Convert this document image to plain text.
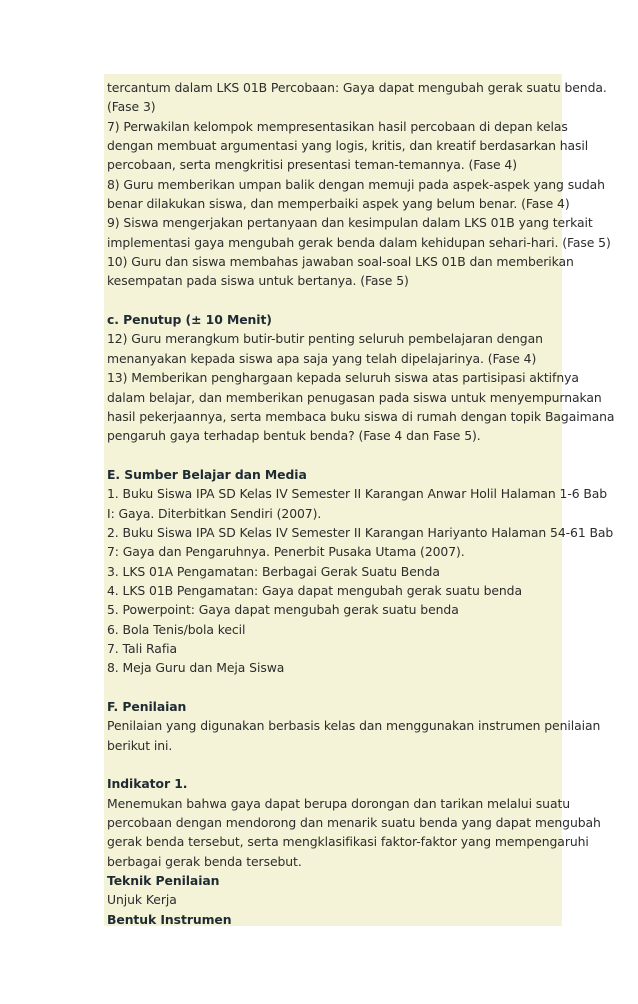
tercantum dalam LKS 01B Percobaan: Gaya dapat mengubah gerak suatu benda.
(Fase 3)
7) Perwakilan kelompok mempresentasikan hasil percobaan di depan kelas
dengan membuat argumentasi yang logis, kritis, dan kreatif berdasarkan hasil
percobaan, serta mengkritisi presentasi teman-temannya. (Fase 4)
8) Guru memberikan umpan balik dengan memuji pada aspek-aspek yang sudah
benar dilakukan siswa, dan memperbaiki aspek yang belum benar. (Fase 4)
9) Siswa mengerjakan pertanyaan dan kesimpulan dalam LKS 01B yang terkait
implementasi gaya mengubah gerak benda dalam kehidupan sehari-hari. (Fase 5)
10) Guru dan siswa membahas jawaban soal-soal LKS 01B dan memberikan
kesempatan pada siswa untuk bertanya. (Fase 5)
c. Penutup (± 10 Menit)
12) Guru merangkum butir-butir penting seluruh pembelajaran dengan
menanyakan kepada siswa apa saja yang telah dipelajarinya. (Fase 4)
13) Memberikan penghargaan kepada seluruh siswa atas partisipasi aktifnya
dalam belajar, dan memberikan penugasan pada siswa untuk menyempurnakan
hasil pekerjaannya, serta membaca buku siswa di rumah dengan topik Bagaimana
pengaruh gaya terhadap bentuk benda? (Fase 4 dan Fase 5).
E. Sumber Belajar dan Media
1. Buku Siswa IPA SD Kelas IV Semester II Karangan Anwar Holil Halaman 1-6 Bab
I: Gaya. Diterbitkan Sendiri (2007).
2. Buku Siswa IPA SD Kelas IV Semester II Karangan Hariyanto Halaman 54-61 Bab
7: Gaya dan Pengaruhnya. Penerbit Pusaka Utama (2007).
3. LKS 01A Pengamatan: Berbagai Gerak Suatu Benda
4. LKS 01B Pengamatan: Gaya dapat mengubah gerak suatu benda
5. Powerpoint: Gaya dapat mengubah gerak suatu benda
6. Bola Tenis/bola kecil
7. Tali Rafia
8. Meja Guru dan Meja Siswa
F. Penilaian
Penilaian yang digunakan berbasis kelas dan menggunakan instrumen penilaian
berikut ini.
Indikator 1.
Menemukan bahwa gaya dapat berupa dorongan dan tarikan melalui suatu
percobaan dengan mendorong dan menarik suatu benda yang dapat mengubah
gerak benda tersebut, serta mengklasifikasi faktor-faktor yang mempengaruhi
berbagai gerak benda tersebut.
Teknik Penilaian
Unjuk Kerja
Bentuk Instrumen
